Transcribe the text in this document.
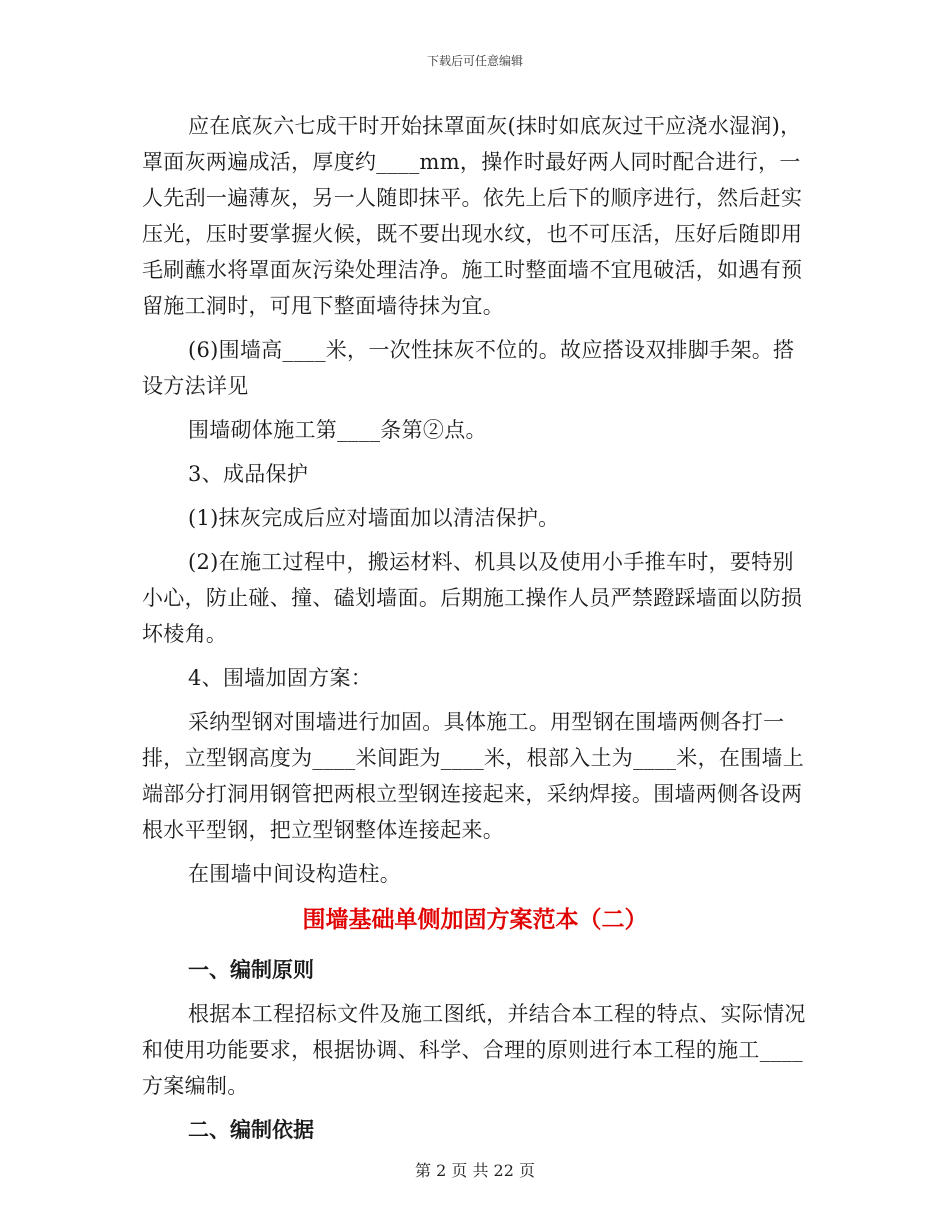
下载后可任意编辑

应在底灰六七成干时开始抹罩面灰(抹时如底灰过干应浇水湿润)，罩面灰两遍成活，厚度约____mm，操作时最好两人同时配合进行，一人先刮一遍薄灰，另一人随即抹平。依先上后下的顺序进行，然后赶实压光，压时要掌握火候，既不要出现水纹，也不可压活，压好后随即用毛刷蘸水将罩面灰污染处理洁净。施工时整面墙不宜甩破活，如遇有预留施工洞时，可甩下整面墙待抹为宜。

(6)围墙高____米，一次性抹灰不位的。故应搭设双排脚手架。搭设方法详见

围墙砌体施工第____条第②点。

3、成品保护

(1)抹灰完成后应对墙面加以清洁保护。

(2)在施工过程中，搬运材料、机具以及使用小手推车时，要特别小心，防止碰、撞、磕划墙面。后期施工操作人员严禁蹬踩墙面以防损坏棱角。

4、围墙加固方案：

采纳型钢对围墙进行加固。具体施工。用型钢在围墙两侧各打一排，立型钢高度为____米间距为____米，根部入土为____米，在围墙上端部分打洞用钢管把两根立型钢连接起来，采纳焊接。围墙两侧各设两根水平型钢，把立型钢整体连接起来。

在围墙中间设构造柱。

围墙基础单侧加固方案范本（二）
一、编制原则

根据本工程招标文件及施工图纸，并结合本工程的特点、实际情况和使用功能要求，根据协调、科学、合理的原则进行本工程的施工____方案编制。

二、编制依据
第 2 页 共 22 页
